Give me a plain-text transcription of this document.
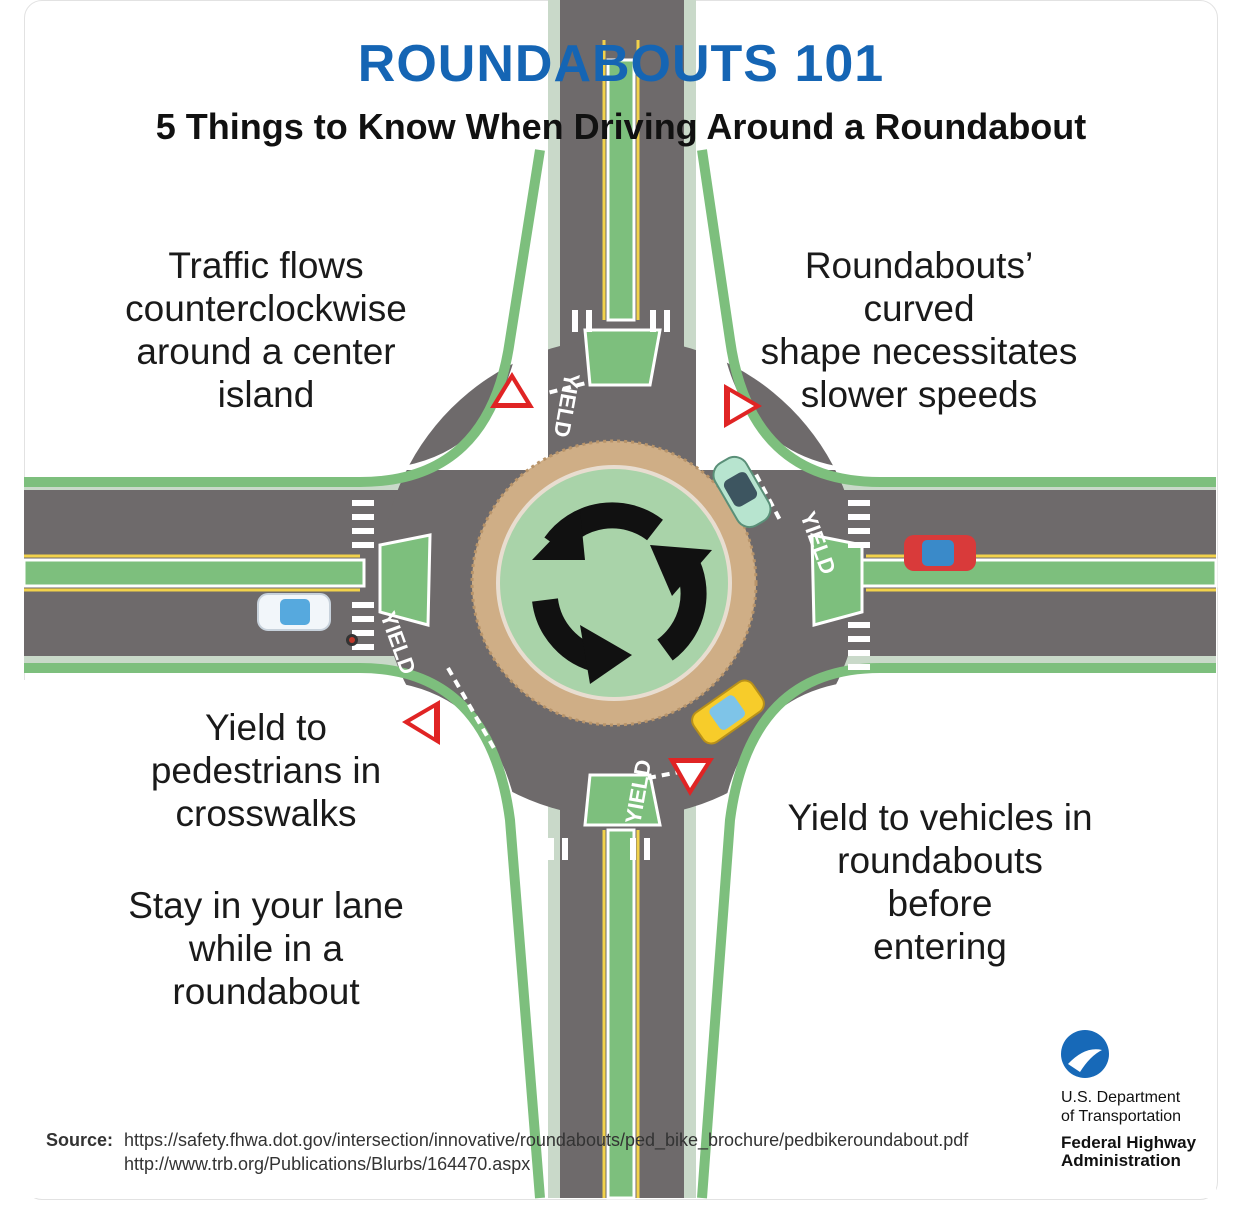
YIELD
YIELD
YIELD
YIELD
ROUNDABOUTS 101
5 Things to Know When Driving Around a Roundabout
Traffic flows
counterclockwise
around a center island
Roundabouts’ curved
shape necessitates
slower speeds
Yield to
pedestrians in
crosswalks
Stay in your lane
while in a
roundabout
Yield to vehicles in
roundabouts before
entering
Source: https://safety.fhwa.dot.gov/intersection/innovative/roundabouts/ped_bike_brochure/pedbikeroundabout.pdf
http://www.trb.org/Publications/Blurbs/164470.aspx
U.S. Department
of Transportation
Federal Highway
Administration
